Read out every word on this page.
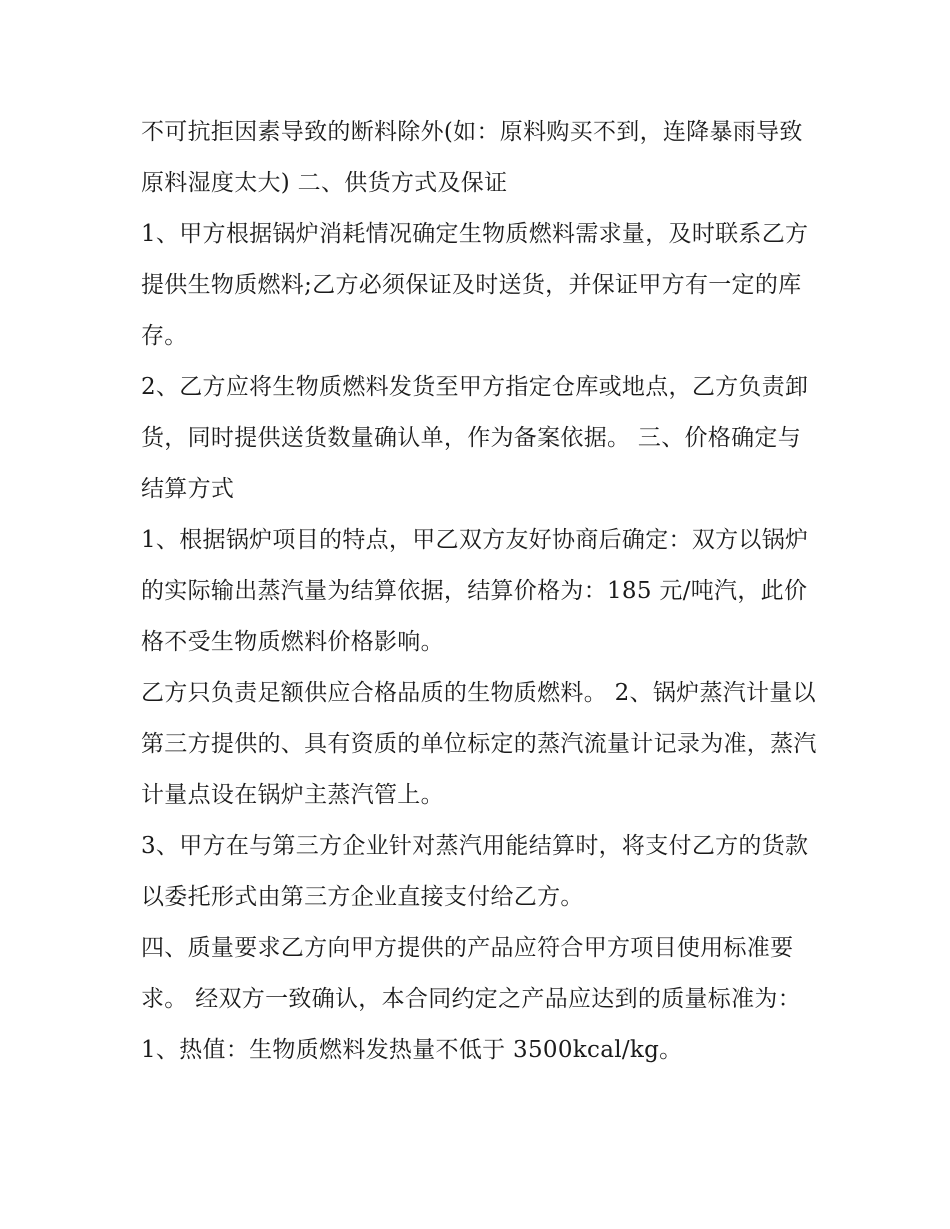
不可抗拒因素导致的断料除外(如：原料购买不到，连降暴雨导致原料湿度太大) 二、供货方式及保证

1、甲方根据锅炉消耗情况确定生物质燃料需求量，及时联系乙方提供生物质燃料;乙方必须保证及时送货，并保证甲方有一定的库存。

2、乙方应将生物质燃料发货至甲方指定仓库或地点，乙方负责卸货，同时提供送货数量确认单，作为备案依据。 三、价格确定与结算方式

1、根据锅炉项目的特点，甲乙双方友好协商后确定：双方以锅炉的实际输出蒸汽量为结算依据，结算价格为：185 元/吨汽，此价格不受生物质燃料价格影响。

乙方只负责足额供应合格品质的生物质燃料。 2、锅炉蒸汽计量以第三方提供的、具有资质的单位标定的蒸汽流量计记录为准，蒸汽计量点设在锅炉主蒸汽管上。

3、甲方在与第三方企业针对蒸汽用能结算时，将支付乙方的货款以委托形式由第三方企业直接支付给乙方。

四、质量要求乙方向甲方提供的产品应符合甲方项目使用标准要求。 经双方一致确认，本合同约定之产品应达到的质量标准为：

1、热值：生物质燃料发热量不低于 3500kcal/kg。
